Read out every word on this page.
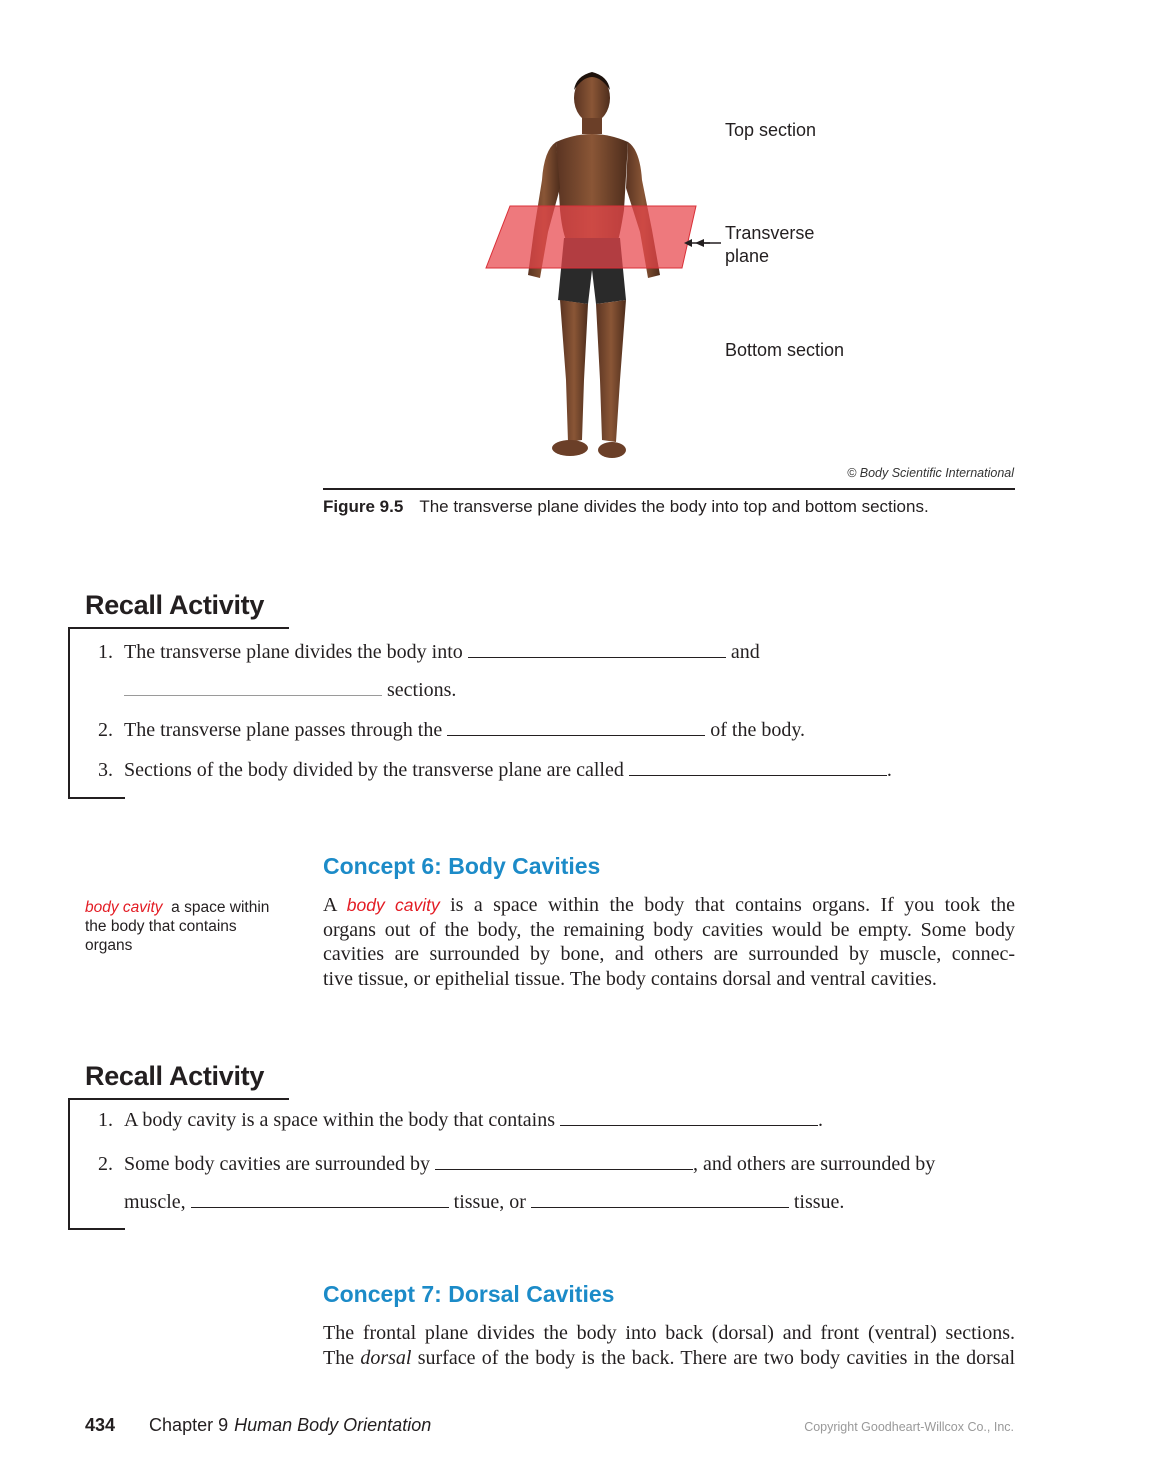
Top section
Transverse
plane
Bottom section
© Body Scientific International
Figure 9.5 The transverse plane divides the body into top and bottom sections.
Recall Activity
1. The transverse plane divides the body into	and
sections.
2. The transverse plane passes through the	of the body.
3. Sections of the body divided by the transverse plane are called	.
Concept 6: Body Cavities
body cavity a space within
the body that contains
organs
A body cavity is a space within the body that contains organs. If you took the
organs out of the body, the remaining body cavities would be empty. Some body
cavities are surrounded by bone, and others are surrounded by muscle, connec-
tive tissue, or epithelial tissue. The body contains dorsal and ventral cavities.
Recall Activity
1. A body cavity is a space within the body that contains	.
2. Some body cavities are surrounded by	, and others are surrounded by
muscle,	tissue, or	tissue.
Concept 7: Dorsal Cavities
The frontal plane divides the body into back (dorsal) and front (ventral) sections.
The dorsal surface of the body is the back. There are two body cavities in the dorsal
434 Chapter 9 Human Body Orientation	Copyright Goodheart-Willcox Co., Inc.
